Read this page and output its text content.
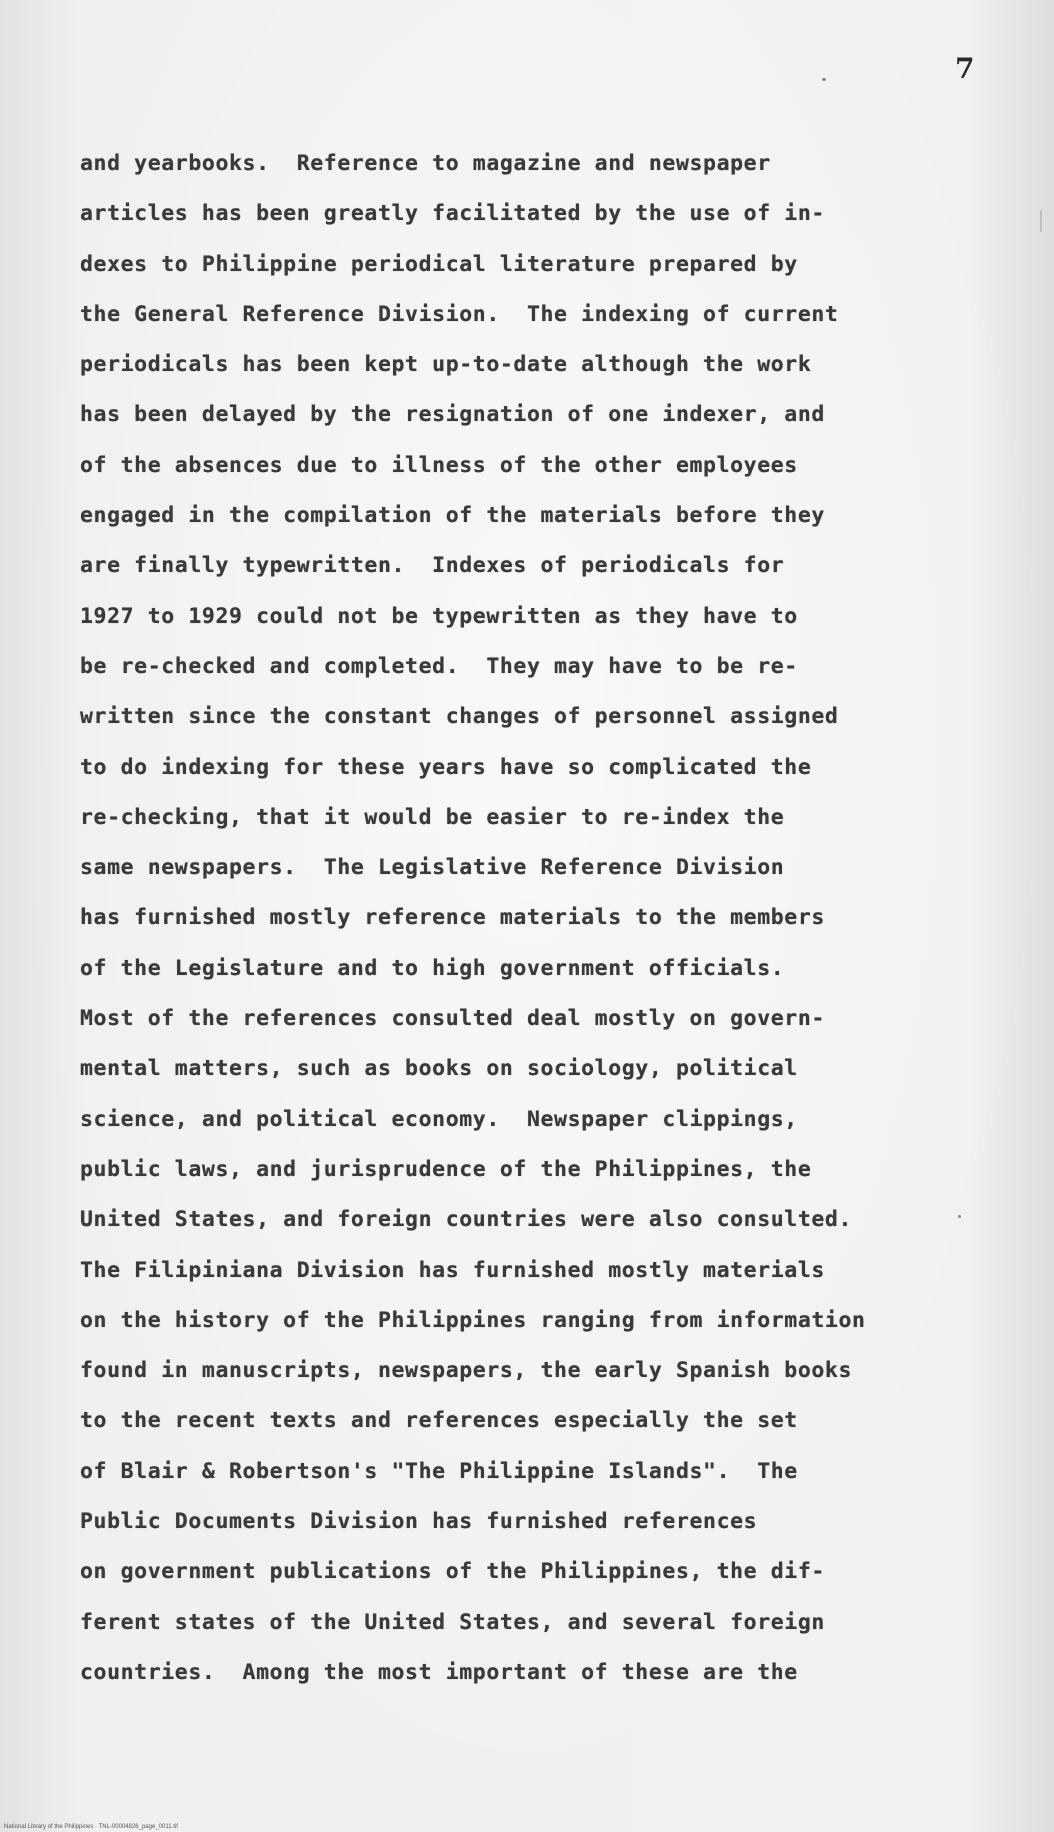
7

and yearbooks.  Reference to magazine and newspaper

articles has been greatly facilitated by the use of in-

dexes to Philippine periodical literature prepared by

the General Reference Division.  The indexing of current

periodicals has been kept up-to-date although the work

has been delayed by the resignation of one indexer, and

of the absences due to illness of the other employees

engaged in the compilation of the materials before they

are finally typewritten.  Indexes of periodicals for

1927 to 1929 could not be typewritten as they have to

be re-checked and completed.  They may have to be re-

written since the constant changes of personnel assigned

to do indexing for these years have so complicated the

re-checking, that it would be easier to re-index the

same newspapers.  The Legislative Reference Division

has furnished mostly reference materials to the members

of the Legislature and to high government officials.

Most of the references consulted deal mostly on govern-

mental matters, such as books on sociology, political

science, and political economy.  Newspaper clippings,

public laws, and jurisprudence of the Philippines, the

United States, and foreign countries were also consulted.

The Filipiniana Division has furnished mostly materials

on the history of the Philippines ranging from information

found in manuscripts, newspapers, the early Spanish books

to the recent texts and references especially the set

of Blair & Robertson's "The Philippine Islands".  The

Public Documents Division has furnished references

on government publications of the Philippines, the dif-

ferent states of the United States, and several foreign

countries.  Among the most important of these are the

National Library of the Philippines · TNL-00004826_page_0011.tif
